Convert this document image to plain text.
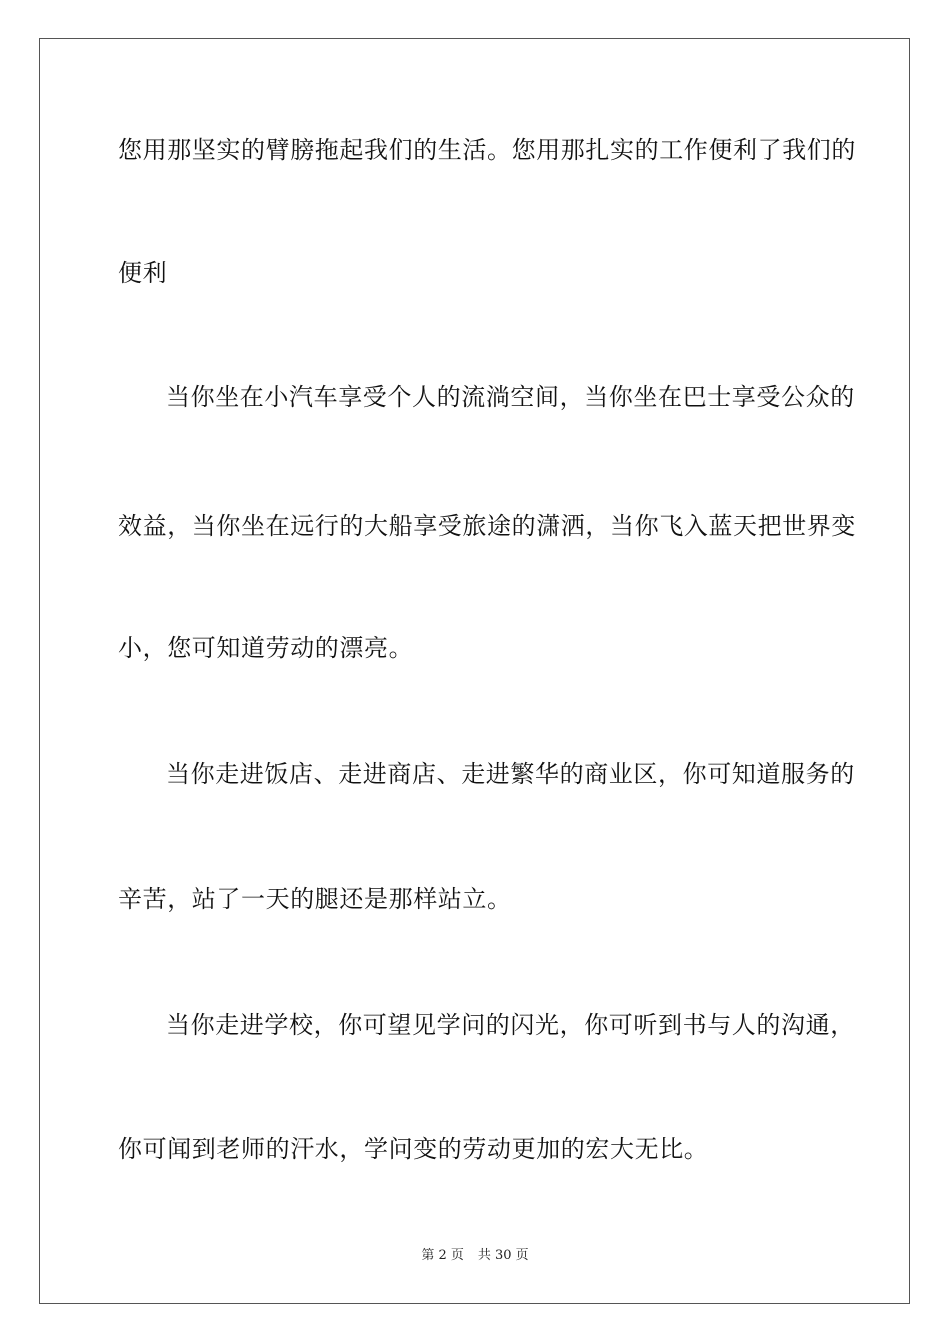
您用那坚实的臂膀拖起我们的生活。您用那扎实的工作便利了我们的
便利
当你坐在小汽车享受个人的流淌空间，当你坐在巴士享受公众的
效益，当你坐在远行的大船享受旅途的潇洒，当你飞入蓝天把世界变
小，您可知道劳动的漂亮。
当你走进饭店、走进商店、走进繁华的商业区，你可知道服务的
辛苦，站了一天的腿还是那样站立。
当你走进学校，你可望见学问的闪光，你可听到书与人的沟通，
你可闻到老师的汗水，学问变的劳动更加的宏大无比。
第 2 页 共 30 页
